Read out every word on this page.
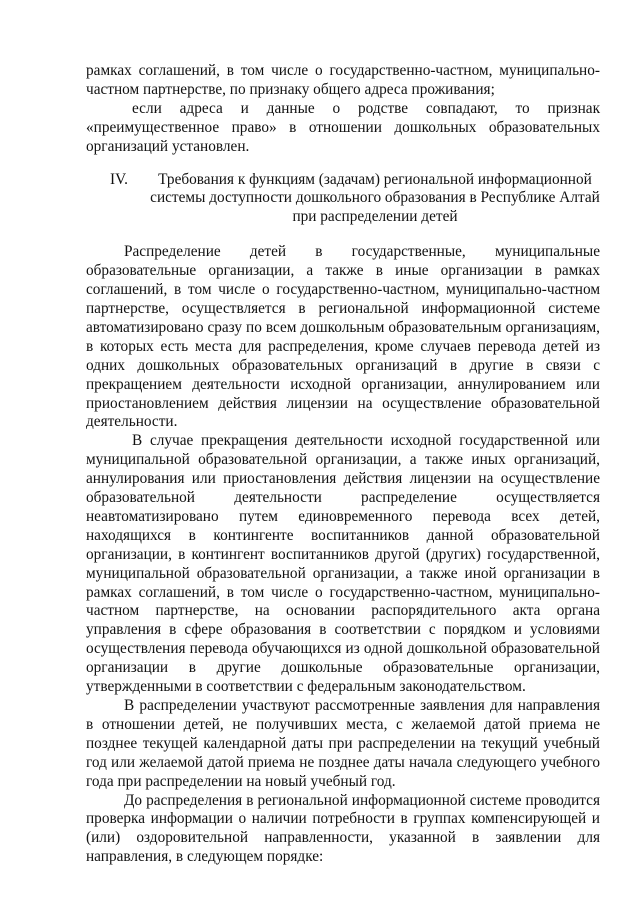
рамках соглашений, в том числе о государственно-частном, муниципально-частном партнерстве, по признаку общего адреса проживания;

если адреса и данные о родстве совпадают, то признак «преимущественное право» в отношении дошкольных образовательных организаций установлен.

IV.	Требования к функциям (задачам) региональной информационной системы доступности дошкольного образования в Республике Алтай при распределении детей

Распределение детей в государственные, муниципальные образовательные организации, а также в иные организации в рамках соглашений, в том числе о государственно-частном, муниципально-частном партнерстве, осуществляется в региональной информационной системе автоматизировано сразу по всем дошкольным образовательным организациям, в которых есть места для распределения, кроме случаев перевода детей из одних дошкольных образовательных организаций в другие в связи с прекращением деятельности исходной организации, аннулированием или приостановлением действия лицензии на осуществление образовательной деятельности.

В случае прекращения деятельности исходной государственной или муниципальной образовательной организации, а также иных организаций, аннулирования или приостановления действия лицензии на осуществление образовательной деятельности распределение осуществляется неавтоматизировано путем единовременного перевода всех детей, находящихся в контингенте воспитанников данной образовательной организации, в контингент воспитанников другой (других) государственной, муниципальной образовательной организации, а также иной организации в рамках соглашений, в том числе о государственно-частном, муниципально-частном партнерстве, на основании распорядительного акта органа управления в сфере образования в соответствии с порядком и условиями осуществления перевода обучающихся из одной дошкольной образовательной организации в другие дошкольные образовательные организации, утвержденными в соответствии с федеральным законодательством.

В распределении участвуют рассмотренные заявления для направления в отношении детей, не получивших места, с желаемой датой приема не позднее текущей календарной даты при распределении на текущий учебный год или желаемой датой приема не позднее даты начала следующего учебного года при распределении на новый учебный год.

До распределения в региональной информационной системе проводится проверка информации о наличии потребности в группах компенсирующей и (или) оздоровительной направленности, указанной в заявлении для направления, в следующем порядке:
